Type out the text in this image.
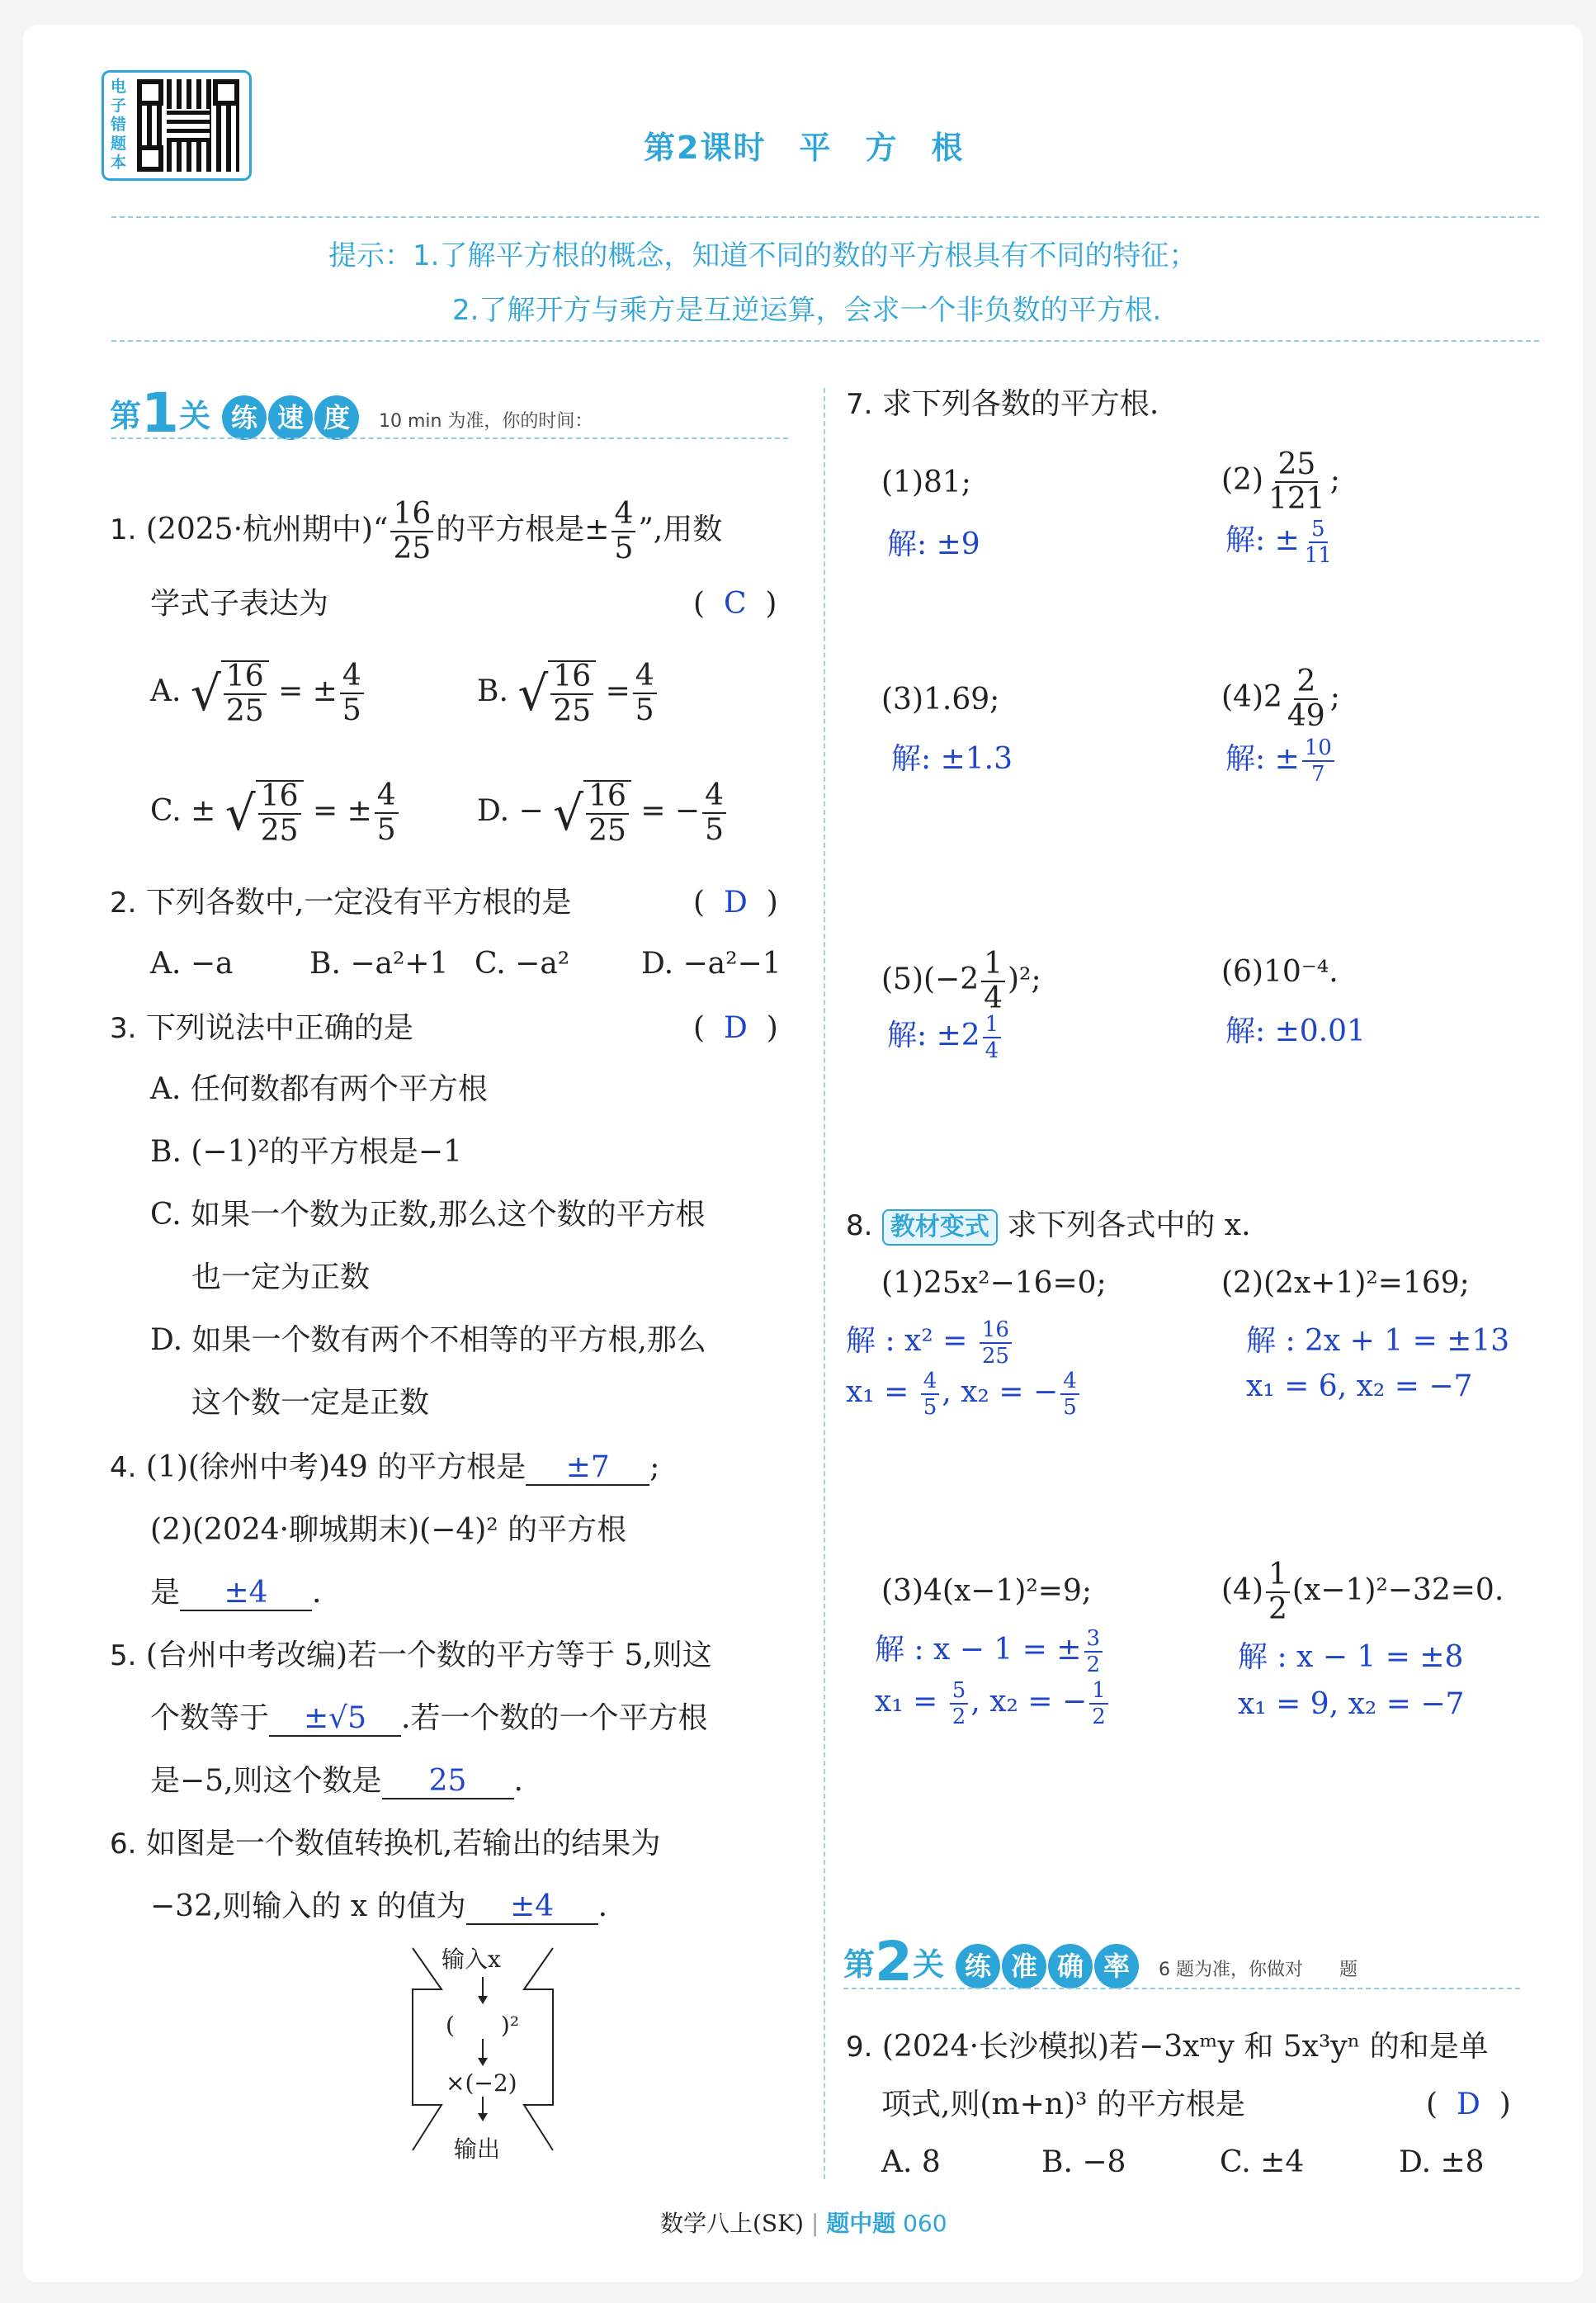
电子错题本	第2课时　平　方　根
提示：1.了解平方根的概念，知道不同的数的平方根具有不同的特征；
2.了解开方与乘方是互逆运算，会求一个非负数的平方根.
第1关 练 速 度 10 min 为准，你的时间：
1. (2025·杭州期中)“ $\frac{16}{25}$ 的平方根是± $\frac{4}{5}$ ”,用数
学式子表达为	(  C  )
A. √ $\frac{16}{25}$ = ± $\frac{4}{5}$	B. √ $\frac{16}{25} = \frac{4}{5}$
C. ± √ $\frac{16}{25}$ = ± $\frac{4}{5}$	D. − √ $\frac{16}{25}$ = − $\frac{4}{5}$
2. 下列各数中,一定没有平方根的是	(  D  )
A. −a	B. −a²+1 C. −a² D. −a²−1
3. 下列说法中正确的是	(  D  )
A. 任何数都有两个平方根
B. (−1)²的平方根是−1
C. 如果一个数为正数,那么这个数的平方根
也一定为正数
D. 如果一个数有两个不相等的平方根,那么
这个数一定是正数
4. (1)(徐州中考)49 的平方根是 ±7 ;
(2)(2024·聊城期末)(−4)² 的平方根
是 ±4 .
5. (台州中考改编)若一个数的平方等于 5,则这
个数等于 ±√5 .若一个数的一个平方根
是−5,则这个数是 25 .
6. 如图是一个数值转换机,若输出的结果为
−32,则输入的 x 的值为 ±4 .
输入x
(　　)²
×(−2)
输出
7. 求下列各数的平方根.
(1)81;
解: ±9
$(2) \frac{25}{121}$ ;
解: ± $\frac{5}{11}$
(3)1.69;
解: ±1.3
$(4)2 \frac{2}{49}$ ;
解: ± $\frac{10}{7}$
$(5)(-2 \frac{1}{4} )^2$;
解: $\pm 2 \frac{1}{4}$
(6)10⁻⁴.
解: ±0.01
8. 教材变式 求下列各式中的 x.
(1)25x²−16=0;
解 : $x^2 = \frac{16}{25}$
$x_1 = \frac{4}{5}$ , x₂ = − $\frac{4}{5}$
(2)(2x+1)²=169;
解 : 2x + 1 = ±13
x₁ = 6, x₂ = −7
(3)4(x−1)²=9;
解 : x − 1 = ± $\frac{3}{2}$
$x_1 = \frac{5}{2}$ , x₂ = − $\frac{1}{2}$
$(4) \frac{1}{2} (x-1)^2-32=0$.
解 : x − 1 = ±8
x₁ = 9, x₂ = −7
第2关 练 准 确 率 6 题为准，你做对　　题
9. (2024·长沙模拟)若−3xᵐy 和 5x³yⁿ 的和是单
项式,则(m+n)³ 的平方根是	(  D  )
A. 8	B. −8	C. ±4	D. ±8
数学八上(SK) | 题中题 060
